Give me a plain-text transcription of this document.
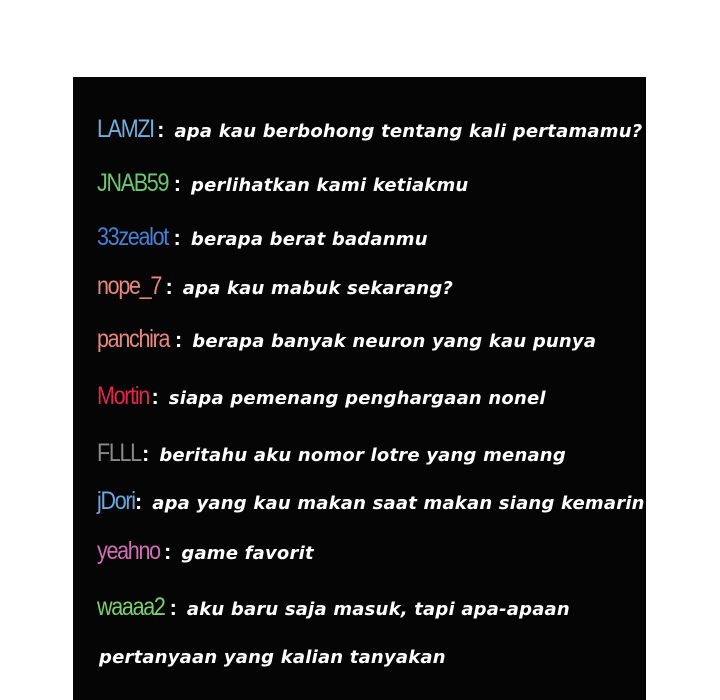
LAMZI : apa kau berbohong tentang kali pertamamu?
JNAB59 : perlihatkan kami ketiakmu
33zealot : berapa berat badanmu
nope_7 : apa kau mabuk sekarang?
panchira : berapa banyak neuron yang kau punya
Mortin : siapa pemenang penghargaan nonel
FLLL : beritahu aku nomor lotre yang menang
jDori : apa yang kau makan saat makan siang kemarin
yeahno : game favorit
waaaa2 : aku baru saja masuk, tapi apa-apaan
pertanyaan yang kalian tanyakan
